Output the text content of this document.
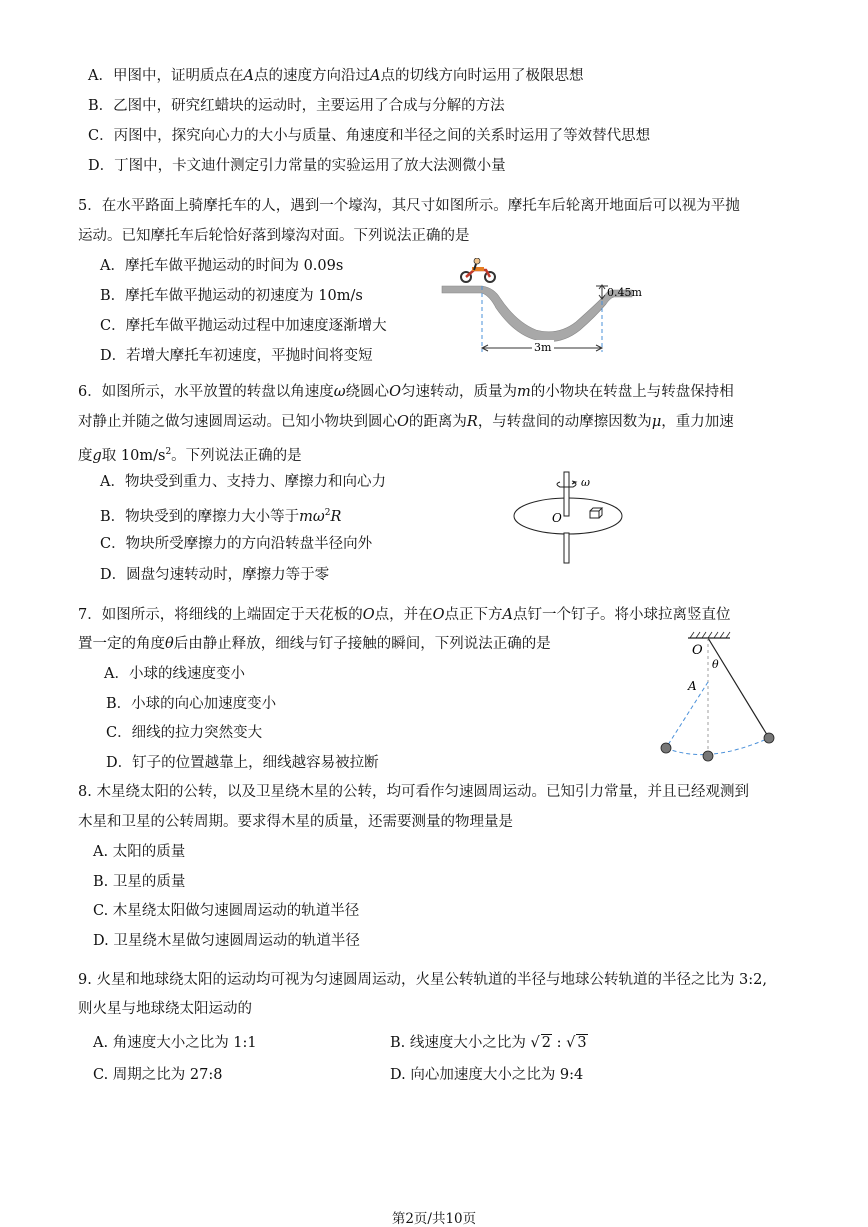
A．甲图中，证明质点在A点的速度方向沿过A点的切线方向时运用了极限思想
B．乙图中，研究红蜡块的运动时，主要运用了合成与分解的方法
C．丙图中，探究向心力的大小与质量、角速度和半径之间的关系时运用了等效替代思想
D．丁图中，卡文迪什测定引力常量的实验运用了放大法测微小量
5．在水平路面上骑摩托车的人，遇到一个壕沟，其尺寸如图所示。摩托车后轮离开地面后可以视为平抛
运动。已知摩托车后轮恰好落到壕沟对面。下列说法正确的是
A．摩托车做平抛运动的时间为 0.09s
B．摩托车做平抛运动的初速度为 10m/s
C．摩托车做平抛运动过程中加速度逐渐增大
D．若增大摩托车初速度，平抛时间将变短
0.45m
3m
6．如图所示，水平放置的转盘以角速度ω绕圆心O匀速转动，质量为m的小物块在转盘上与转盘保持相
对静止并随之做匀速圆周运动。已知小物块到圆心O的距离为R，与转盘间的动摩擦因数为μ，重力加速
度g取 $10m/s^2$。下列说法正确的是
A．物块受到重力、支持力、摩擦力和向心力
B．物块受到的摩擦力大小等于$m\omega^2R$
C．物块所受摩擦力的方向沿转盘半径向外
D．圆盘匀速转动时，摩擦力等于零
ω
O
7．如图所示，将细线的上端固定于天花板的O点，并在O点正下方A点钉一个钉子。将小球拉离竖直位
置一定的角度θ后由静止释放，细线与钉子接触的瞬间，下列说法正确的是
A．小球的线速度变小
B．小球的向心加速度变小
C．细线的拉力突然变大
D．钉子的位置越靠上，细线越容易被拉断
O
θ
A
8. 木星绕太阳的公转，以及卫星绕木星的公转，均可看作匀速圆周运动。已知引力常量，并且已经观测到
木星和卫星的公转周期。要求得木星的质量，还需要测量的物理量是
A. 太阳的质量
B. 卫星的质量
C. 木星绕太阳做匀速圆周运动的轨道半径
D. 卫星绕木星做匀速圆周运动的轨道半径
9. 火星和地球绕太阳的运动均可视为匀速圆周运动，火星公转轨道的半径与地球公转轨道的半径之比为 3:2,
则火星与地球绕太阳运动的
A. 角速度大小之比为 1:1	B. 线速度大小之比为 √ 2 : √ 3
C. 周期之比为 27:8	D. 向心加速度大小之比为 9:4
第2页/共10页
